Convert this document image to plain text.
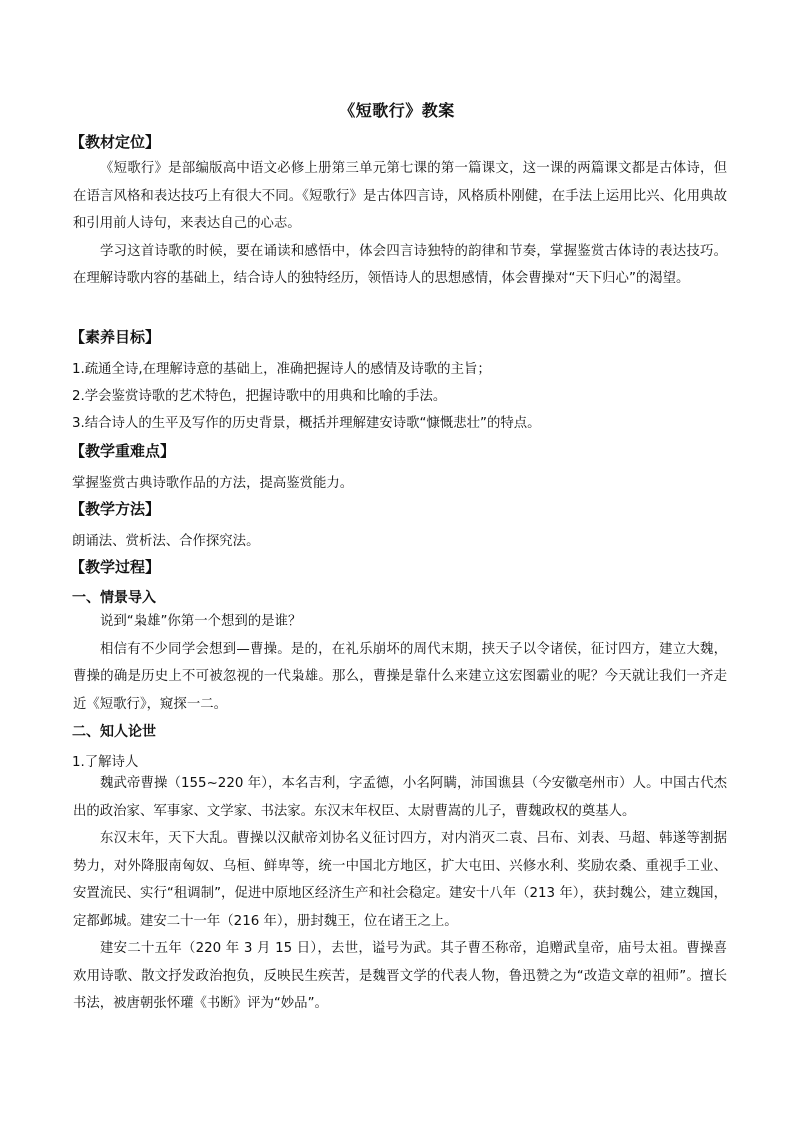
《短歌行》教案
【教材定位】

《短歌行》是部编版高中语文必修上册第三单元第七课的第一篇课文，这一课的两篇课文都是古体诗，但在语言风格和表达技巧上有很大不同。《短歌行》是古体四言诗，风格质朴刚健，在手法上运用比兴、化用典故和引用前人诗句，来表达自己的心志。

学习这首诗歌的时候，要在诵读和感悟中，体会四言诗独特的韵律和节奏，掌握鉴赏古体诗的表达技巧。在理解诗歌内容的基础上，结合诗人的独特经历，领悟诗人的思想感情，体会曹操对“天下归心”的渴望。

【素养目标】
1.疏通全诗,在理解诗意的基础上，准确把握诗人的感情及诗歌的主旨；
2.学会鉴赏诗歌的艺术特色，把握诗歌中的用典和比喻的手法。
3.结合诗人的生平及写作的历史背景，概括并理解建安诗歌“慷慨悲壮”的特点。
【教学重难点】
掌握鉴赏古典诗歌作品的方法，提高鉴赏能力。
【教学方法】
朗诵法、赏析法、合作探究法。
【教学过程】
一、情景导入

说到“枭雄”你第一个想到的是谁？

相信有不少同学会想到—曹操。是的，在礼乐崩坏的周代末期，挟天子以令诸侯，征讨四方，建立大魏，曹操的确是历史上不可被忽视的一代枭雄。那么，曹操是靠什么来建立这宏图霸业的呢？今天就让我们一齐走近《短歌行》，窥探一二。

二、知人论世
1.了解诗人

魏武帝曹操（155~220 年），本名吉利，字孟德，小名阿瞒，沛国谯县（今安徽亳州市）人。中国古代杰出的政治家、军事家、文学家、书法家。东汉末年权臣、太尉曹嵩的儿子，曹魏政权的奠基人。

东汉末年，天下大乱。曹操以汉献帝刘协名义征讨四方，对内消灭二袁、吕布、刘表、马超、韩遂等割据势力，对外降服南匈奴、乌桓、鲜卑等，统一中国北方地区，扩大屯田、兴修水利、奖励农桑、重视手工业、安置流民、实行“租调制”，促进中原地区经济生产和社会稳定。建安十八年（213 年），获封魏公，建立魏国，定都邺城。建安二十一年（216 年），册封魏王，位在诸王之上。

建安二十五年（220 年 3 月 15 日），去世，谥号为武。其子曹丕称帝，追赠武皇帝，庙号太祖。曹操喜欢用诗歌、散文抒发政治抱负，反映民生疾苦，是魏晋文学的代表人物，鲁迅赞之为“改造文章的祖师”。擅长书法，被唐朝张怀瓘《书断》评为“妙品”。
